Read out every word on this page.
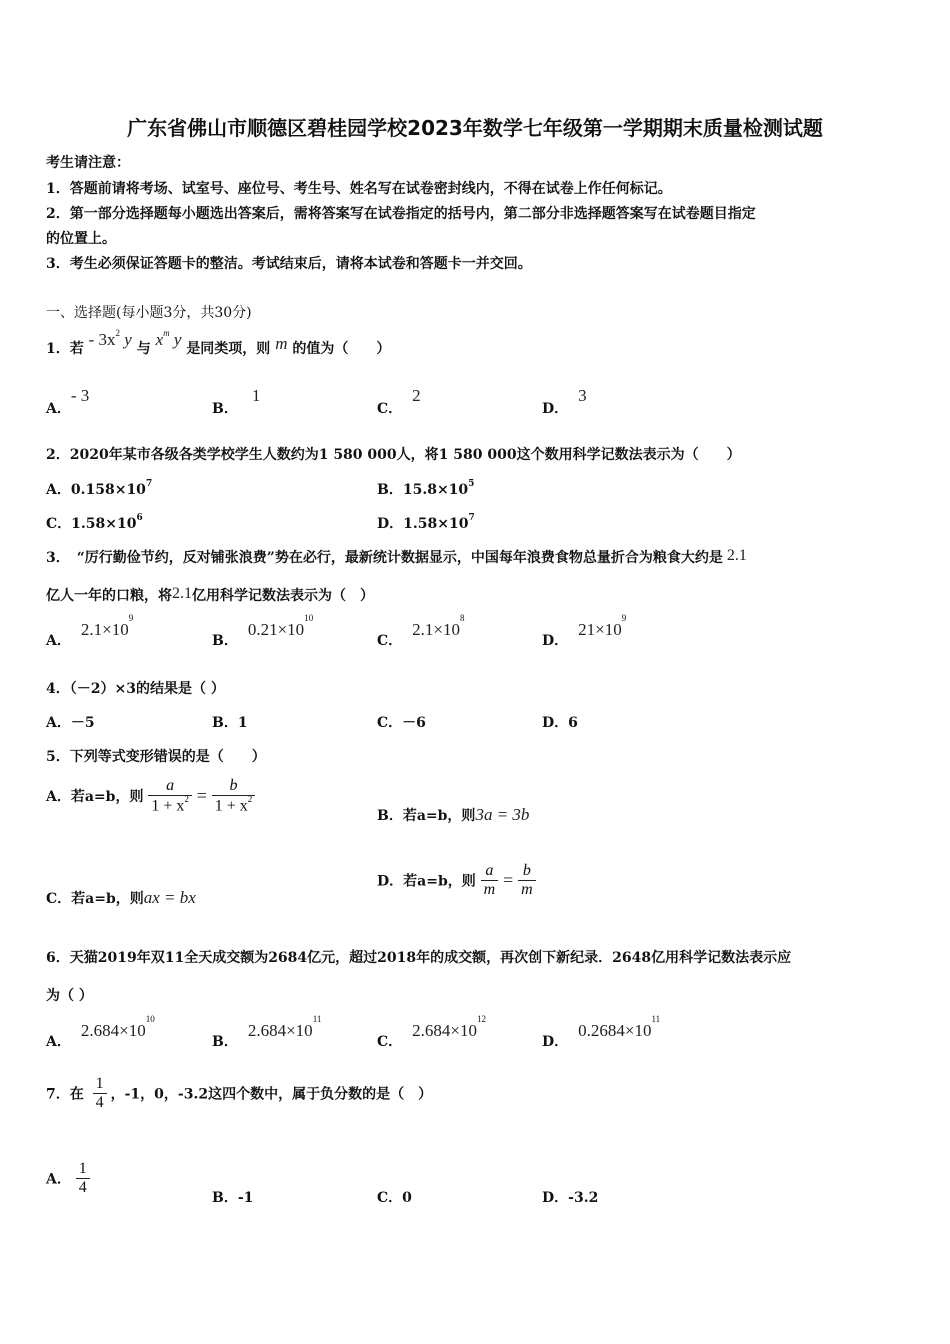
广东省佛山市顺德区碧桂园学校2023年数学七年级第一学期期末质量检测试题
考生请注意：
1．答题前请将考场、试室号、座位号、考生号、姓名写在试卷密封线内，不得在试卷上作任何标记。
2．第一部分选择题每小题选出答案后，需将答案写在试卷指定的括号内，第二部分非选择题答案写在试卷题目指定
的位置上。
3．考生必须保证答题卡的整洁。考试结束后，请将本试卷和答题卡一并交回。
一、选择题(每小题3分，共30分)
1．若 - $3x^2$ y 与 $x^m$ y 是同类项，则 m 的值为（　　）
A．- 3
B．1
C．2
D．3
2．2020年某市各级各类学校学生人数约为1 580 000人，将1 580 000这个数用科学记数法表示为（　　）
A．$0.158\times 10^7$	B．$15.8\times 10^5$
C．$1.58\times 10^6$	D．$1.58\times 10^7$
3．　“厉行勤俭节约，反对铺张浪费”势在必行，最新统计数据显示，中国每年浪费食物总量折合为粮食大约是 2.1
亿人一年的口粮，将2.1亿用科学记数法表示为（　）
A．$2.1\times 10^9$
B．$0.21\times 10^{10}$
C．$2.1\times 10^8$
D．$21\times 10^9$
4．（－2）×3的结果是（ ）
A．－5	B．1	C．－6	D．6
5．下列等式变形错误的是（　　）
A．若a=b，则 $\frac{a}{1 + x^2} = \frac{b}{1 + x^2}$
B．若a=b，则3a = 3b
C．若a=b，则ax = bx
D．若a=b，则 $\frac{a}{m} = \frac{b}{m}$
6．天猫2019年双11全天成交额为2684亿元，超过2018年的成交额，再次创下新纪录．2648亿用科学记数法表示应
为（ ）
A．$2.684\times 10^{10}$
B．$2.684\times 10^{11}$
C．$2.684\times 10^{12}$
D．$0.2684\times 10^{11}$
7．在 $\frac{1}{4}$ ，-1，0，-3.2这四个数中，属于负分数的是（　）
A． $\frac{1}{4}$
B．-1	C．0	D．-3.2
